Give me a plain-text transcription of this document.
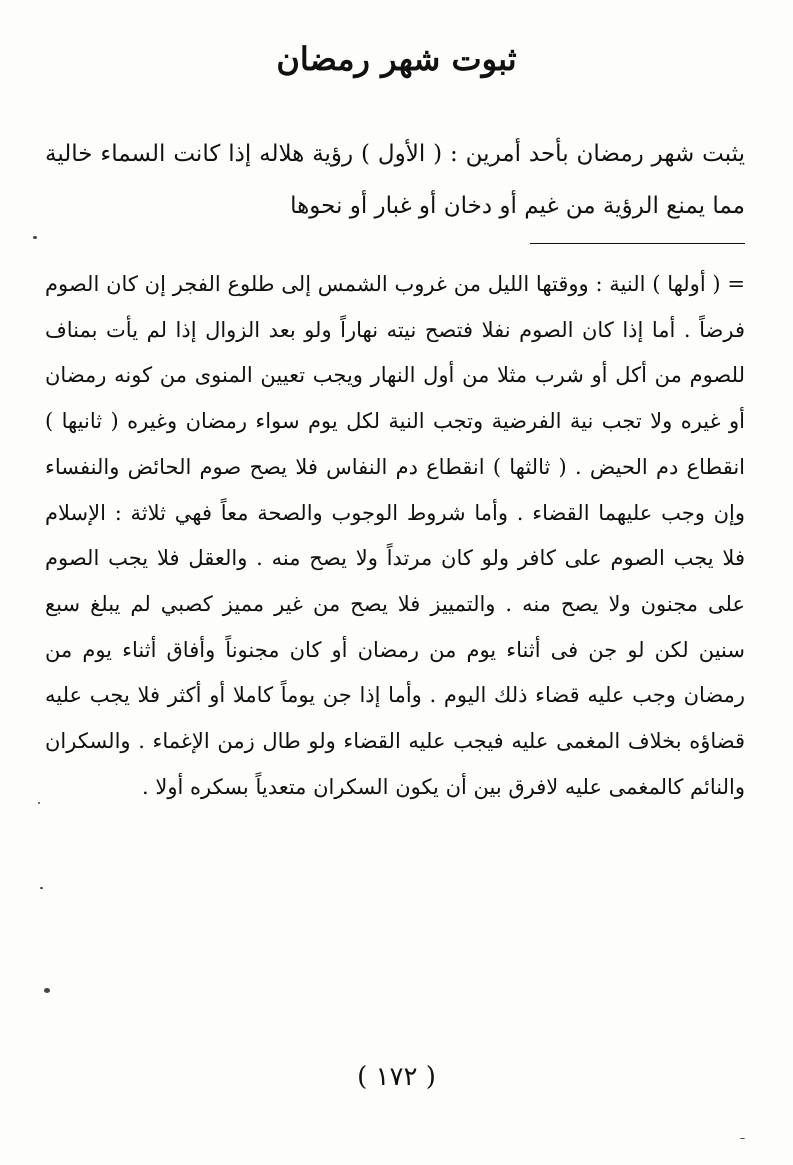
ثبوت شهر رمضان
يثبت شهر رمضان بأحد أمرين : ( الأول ) رؤية هلاله إذا كانت السماء خالية مما يمنع الرؤية من غيم أو دخان أو غبار أو نحوها
= ( أولها ) النية : ووقتها الليل من غروب الشمس إلى طلوع الفجر إن كان الصوم فرضاً . أما إذا كان الصوم نفلا فتصح نيته نهاراً ولو بعد الزوال إذا لم يأت بمناف للصوم من أكل أو شرب مثلا من أول النهار ويجب تعيين المنوى من كونه رمضان أو غيره ولا تجب نية الفرضية وتجب النية لكل يوم سواء رمضان وغيره ( ثانيها ) انقطاع دم الحيض . ( ثالثها ) انقطاع دم النفاس فلا يصح صوم الحائض والنفساء وإن وجب عليهما القضاء . وأما شروط الوجوب والصحة معاً فهي ثلاثة : الإسلام فلا يجب الصوم على كافر ولو كان مرتداً ولا يصح منه . والعقل فلا يجب الصوم على مجنون ولا يصح منه . والتمييز فلا يصح من غير مميز كصبي لم يبلغ سبع سنين لكن لو جن فى أثناء يوم من رمضان أو كان مجنوناً وأفاق أثناء يوم من رمضان وجب عليه قضاء ذلك اليوم . وأما إذا جن يوماً كاملا أو أكثر فلا يجب عليه قضاؤه بخلاف المغمى عليه فيجب عليه القضاء ولو طال زمن الإغماء . والسكران والنائم كالمغمى عليه لافرق بين أن يكون السكران متعدياً بسكره أولا .
( ١٧٢ )
